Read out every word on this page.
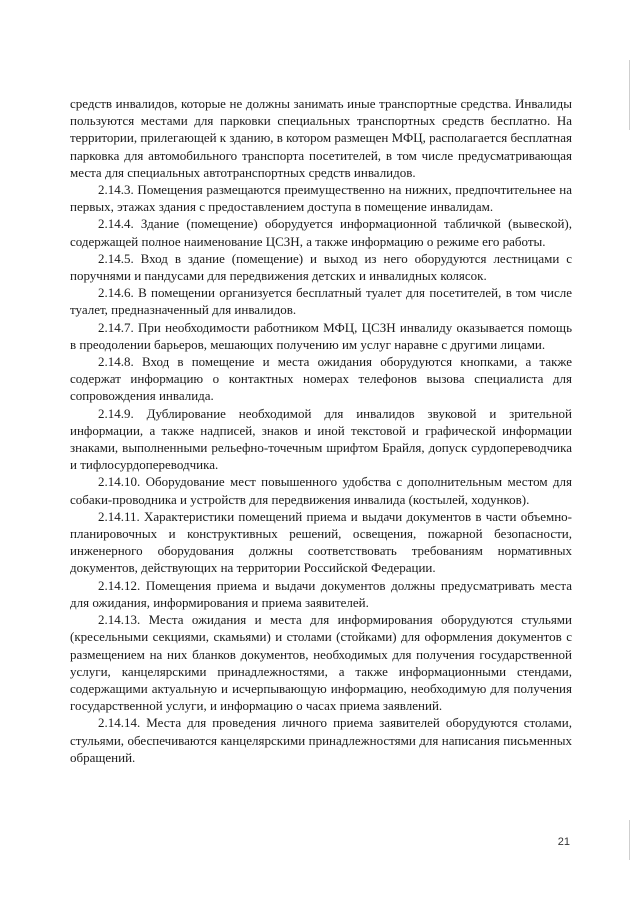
средств инвалидов, которые не должны занимать иные транспортные средства. Инвалиды пользуются местами для парковки специальных транспортных средств бесплатно. На территории, прилегающей к зданию, в котором размещен МФЦ, располагается бесплатная парковка для автомобильного транспорта посетителей, в том числе предусматривающая места для специальных автотранспортных средств инвалидов.

2.14.3. Помещения размещаются преимущественно на нижних, предпочтительнее на первых, этажах здания с предоставлением доступа в помещение инвалидам.

2.14.4. Здание (помещение) оборудуется информационной табличкой (вывеской), содержащей полное наименование ЦСЗН, а также информацию о режиме его работы.

2.14.5. Вход в здание (помещение) и выход из него оборудуются лестницами с поручнями и пандусами для передвижения детских и инвалидных колясок.

2.14.6. В помещении организуется бесплатный туалет для посетителей, в том числе туалет, предназначенный для инвалидов.

2.14.7. При необходимости работником МФЦ, ЦСЗН инвалиду оказывается помощь в преодолении барьеров, мешающих получению им услуг наравне с другими лицами.

2.14.8. Вход в помещение и места ожидания оборудуются кнопками, а также содержат информацию о контактных номерах телефонов вызова специалиста для сопровождения инвалида.

2.14.9. Дублирование необходимой для инвалидов звуковой и зрительной информации, а также надписей, знаков и иной текстовой и графической информации знаками, выполненными рельефно-точечным шрифтом Брайля, допуск сурдопереводчика и тифлосурдопереводчика.

2.14.10. Оборудование мест повышенного удобства с дополнительным местом для собаки-проводника и устройств для передвижения инвалида (костылей, ходунков).

2.14.11. Характеристики помещений приема и выдачи документов в части объемно-планировочных и конструктивных решений, освещения, пожарной безопасности, инженерного оборудования должны соответствовать требованиям нормативных документов, действующих на территории Российской Федерации.

2.14.12. Помещения приема и выдачи документов должны предусматривать места для ожидания, информирования и приема заявителей.

2.14.13. Места ожидания и места для информирования оборудуются стульями (кресельными секциями, скамьями) и столами (стойками) для оформления документов с размещением на них бланков документов, необходимых для получения государственной услуги, канцелярскими принадлежностями, а также информационными стендами, содержащими актуальную и исчерпывающую информацию, необходимую для получения государственной услуги, и информацию о часах приема заявлений.

2.14.14. Места для проведения личного приема заявителей оборудуются столами, стульями, обеспечиваются канцелярскими принадлежностями для написания письменных обращений.

21
